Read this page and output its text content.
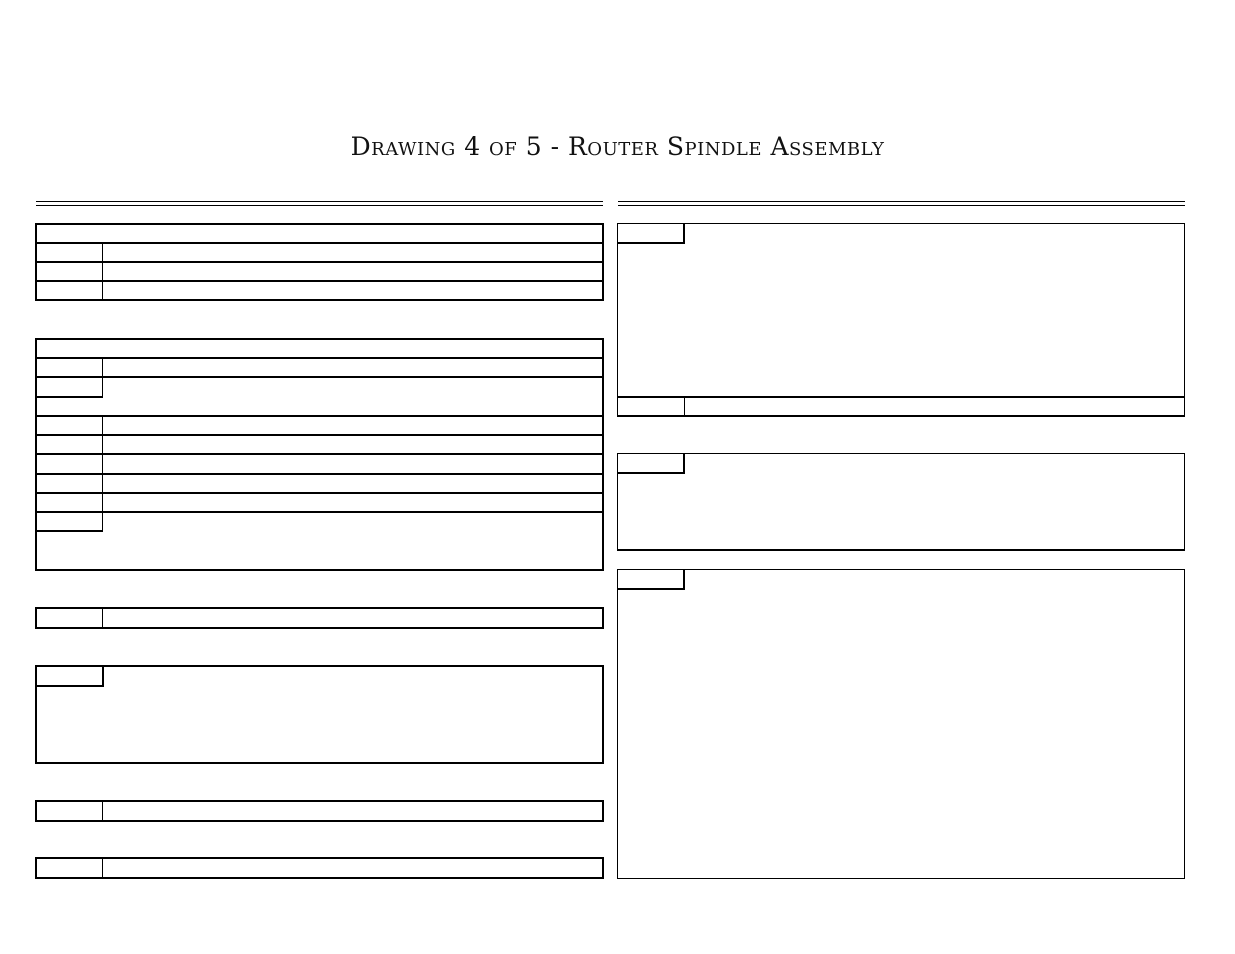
Drawing 4 of 5 - Router Spindle Assembly
